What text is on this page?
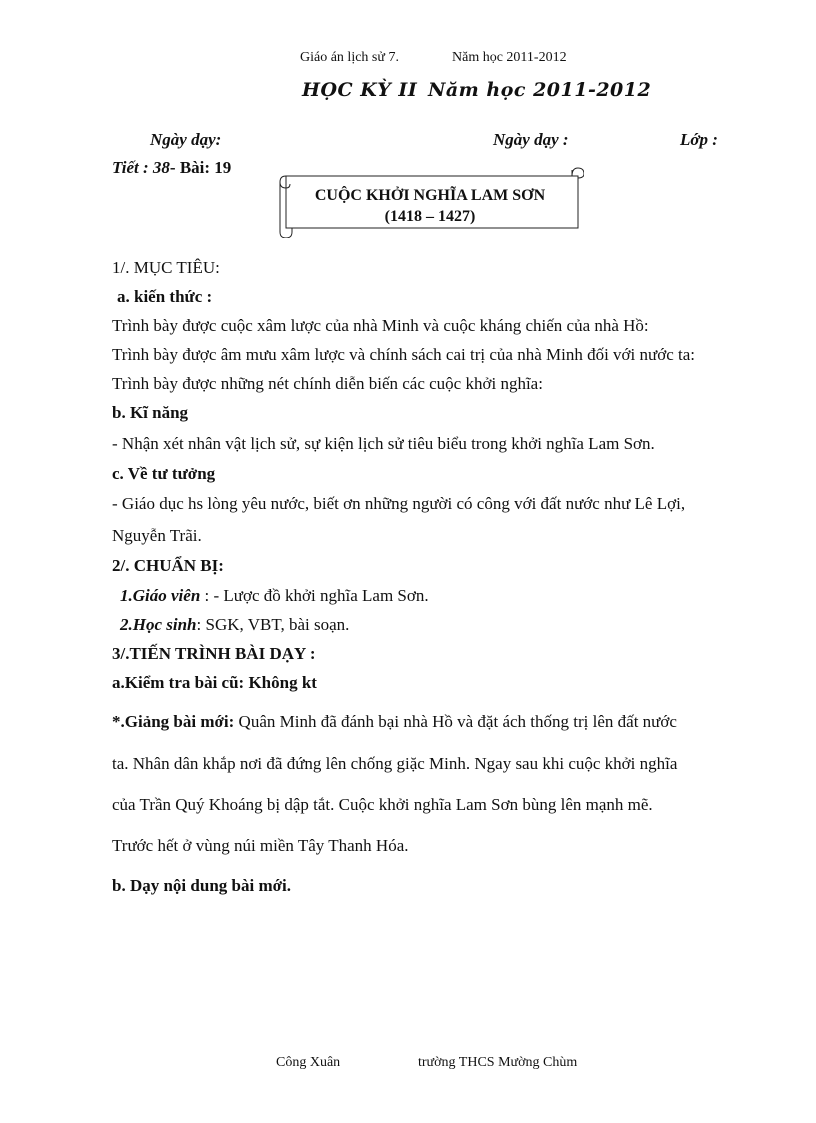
Giáo án lịch sử 7.	Năm học 2011-2012
HỌC KỲ II Năm học 2011-2012
Ngày dạy:	Ngày dạy :	Lớp :
Tiết : 38- Bài: 19
CUỘC KHỞI NGHĨA LAM SƠN
(1418 – 1427)
1/. MỤC TIÊU:
a. kiến thức :
Trình bày được cuộc xâm lược của nhà Minh và cuộc kháng chiến của nhà Hồ:
Trình bày được âm mưu xâm lược và chính sách cai trị của nhà Minh đối với nước ta:
Trình bày được những nét chính diễn biến các cuộc khởi nghĩa:
b. Kĩ năng
- Nhận xét nhân vật lịch sử, sự kiện lịch sử tiêu biểu trong khởi nghĩa Lam Sơn.
c. Về tư tưởng
- Giáo dục hs lòng yêu nước, biết ơn những người có công với đất nước như Lê Lợi,
Nguyễn Trãi.
2/. CHUẨN BỊ:
1.Giáo viên : - Lược đồ khởi nghĩa Lam Sơn.
2.Học sinh: SGK, VBT, bài soạn.
3/.TIẾN TRÌNH BÀI DẠY :
a.Kiểm tra bài cũ: Không kt
*.Giảng bài mới: Quân Minh đã đánh bại nhà Hồ và đặt ách thống trị lên đất nước
ta. Nhân dân khắp nơi đã đứng lên chống giặc Minh. Ngay sau khi cuộc khởi nghĩa
của Trần Quý Khoáng bị dập tắt. Cuộc khởi nghĩa Lam Sơn bùng lên mạnh mẽ.
Trước hết ở vùng núi miền Tây Thanh Hóa.
b. Dạy nội dung bài mới.
Công Xuân	trường THCS Mường Chùm
